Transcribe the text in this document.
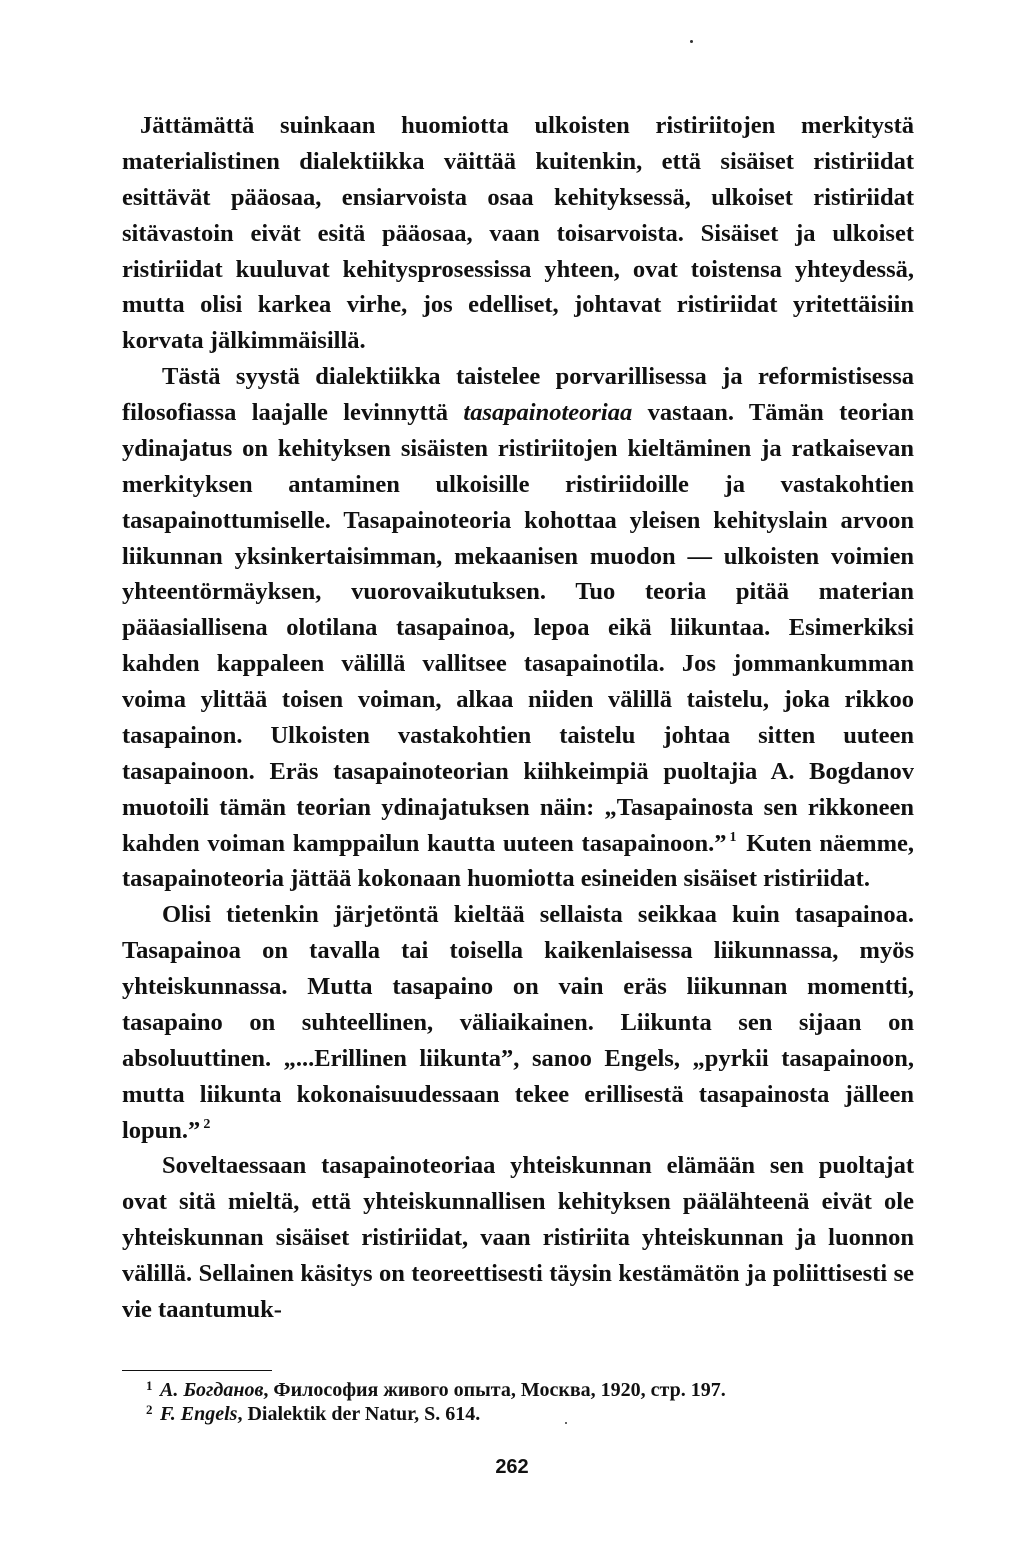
Jättämättä suinkaan huomiotta ulkoisten ristiriitojen merkitystä materialistinen dialektiikka väittää kuitenkin, että sisäiset ristiriidat esittävät pääosaa, ensiarvoista osaa kehityksessä, ulkoiset ristiriidat sitävastoin eivät esitä pääosaa, vaan toisarvoista. Sisäiset ja ulkoiset ristiriidat kuuluvat kehitysprosessissa yhteen, ovat toistensa yhteydessä, mutta olisi karkea virhe, jos edelliset, johtavat ristiriidat yritettäisiin korvata jälkimmäisillä.

Tästä syystä dialektiikka taistelee porvarillisessa ja reformistisessa filosofiassa laajalle levinnyttä tasapainoteoriaa vastaan. Tämän teorian ydinajatus on kehityksen sisäisten ristiriitojen kieltäminen ja ratkaisevan merkityksen antaminen ulkoisille ristiriidoille ja vastakohtien tasapainottumiselle. Tasapainoteoria kohottaa yleisen kehityslain arvoon liikunnan yksinkertaisimman, mekaanisen muodon — ulkoisten voimien yhteentörmäyksen, vuorovaikutuksen. Tuo teoria pitää materian pääasiallisena olotilana tasapainoa, lepoa eikä liikuntaa. Esimerkiksi kahden kappaleen välillä vallitsee tasapainotila. Jos jommankumman voima ylittää toisen voiman, alkaa niiden välillä taistelu, joka rikkoo tasapainon. Ulkoisten vastakohtien taistelu johtaa sitten uuteen tasapainoon. Eräs tasapainoteorian kiihkeimpiä puoltajia A. Bogdanov muotoili tämän teorian ydinajatuksen näin: „Tasapainosta sen rikkoneen kahden voiman kamppailun kautta uuteen tasapainoon.” $^1$ Kuten näemme, tasapainoteoria jättää kokonaan huomiotta esineiden sisäiset ristiriidat.

Olisi tietenkin järjetöntä kieltää sellaista seikkaa kuin tasapainoa. Tasapainoa on tavalla tai toisella kaikenlaisessa liikunnassa, myös yhteiskunnassa. Mutta tasapaino on vain eräs liikunnan momentti, tasapaino on suhteellinen, väliaikainen. Liikunta sen sijaan on absoluuttinen. „...Erillinen liikunta”, sanoo Engels, „pyrkii tasapainoon, mutta liikunta kokonaisuudessaan tekee erillisestä tasapainosta jälleen lopun.” $^2$

Soveltaessaan tasapainoteoriaa yhteiskunnan elämään sen puoltajat ovat sitä mieltä, että yhteiskunnallisen kehityksen päälähteenä eivät ole yhteiskunnan sisäiset ristiriidat, vaan ristiriita yhteiskunnan ja luonnon välillä. Sellainen käsitys on teoreettisesti täysin kestämätön ja poliittisesti se vie taantumuk-

1 А. Богданов, Философия живого опыта, Москва, 1920, стр. 197.

2 F. Engels, Dialektik der Natur, S. 614.

262
